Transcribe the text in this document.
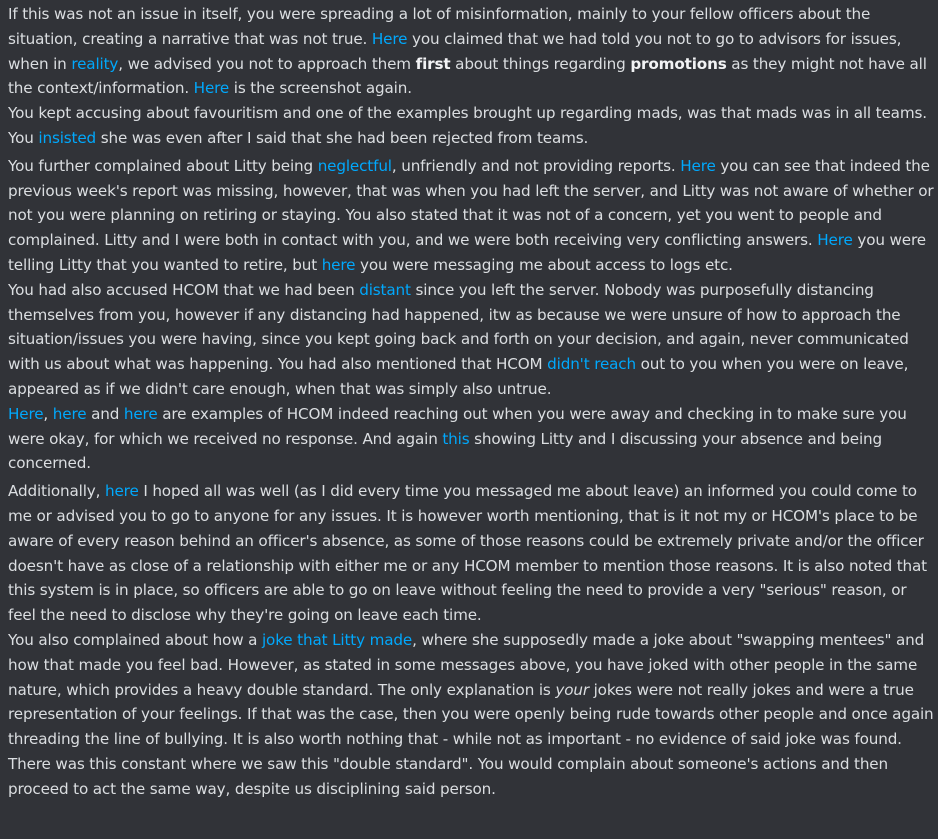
If this was not an issue in itself, you were spreading a lot of misinformation, mainly to your fellow officers about the situation, creating a narrative that was not true. Here you claimed that we had told you not to go to advisors for issues, when in reality, we advised you not to approach them first about things regarding promotions as they might not have all the context/information. Here is the screenshot again.
You kept accusing about favouritism and one of the examples brought up regarding mads, was that mads was in all teams. You insisted she was even after I said that she had been rejected from teams.
You further complained about Litty being neglectful, unfriendly and not providing reports. Here you can see that indeed the previous week's report was missing, however, that was when you had left the server, and Litty was not aware of whether or not you were planning on retiring or staying. You also stated that it was not of a concern, yet you went to people and complained. Litty and I were both in contact with you, and we were both receiving very conflicting answers. Here you were telling Litty that you wanted to retire, but here you were messaging me about access to logs etc.
You had also accused HCOM that we had been distant since you left the server. Nobody was purposefully distancing themselves from you, however if any distancing had happened, itw as because we were unsure of how to approach the situation/issues you were having, since you kept going back and forth on your decision, and again, never communicated with us about what was happening. You had also mentioned that HCOM didn't reach out to you when you were on leave, appeared as if we didn't care enough, when that was simply also untrue.
Here, here and here are examples of HCOM indeed reaching out when you were away and checking in to make sure you were okay, for which we received no response. And again this showing Litty and I discussing your absence and being concerned.
Additionally, here I hoped all was well (as I did every time you messaged me about leave) an informed you could come to me or advised you to go to anyone for any issues. It is however worth mentioning, that is it not my or HCOM's place to be aware of every reason behind an officer's absence, as some of those reasons could be extremely private and/or the officer doesn't have as close of a relationship with either me or any HCOM member to mention those reasons. It is also noted that this system is in place, so officers are able to go on leave without feeling the need to provide a very "serious" reason, or feel the need to disclose why they're going on leave each time.
You also complained about how a joke that Litty made, where she supposedly made a joke about "swapping mentees" and how that made you feel bad. However, as stated in some messages above, you have joked with other people in the same nature, which provides a heavy double standard. The only explanation is your jokes were not really jokes and were a true representation of your feelings. If that was the case, then you were openly being rude towards other people and once again threading the line of bullying. It is also worth nothing that - while not as important - no evidence of said joke was found.
There was this constant where we saw this "double standard". You would complain about someone's actions and then proceed to act the same way, despite us disciplining said person.
